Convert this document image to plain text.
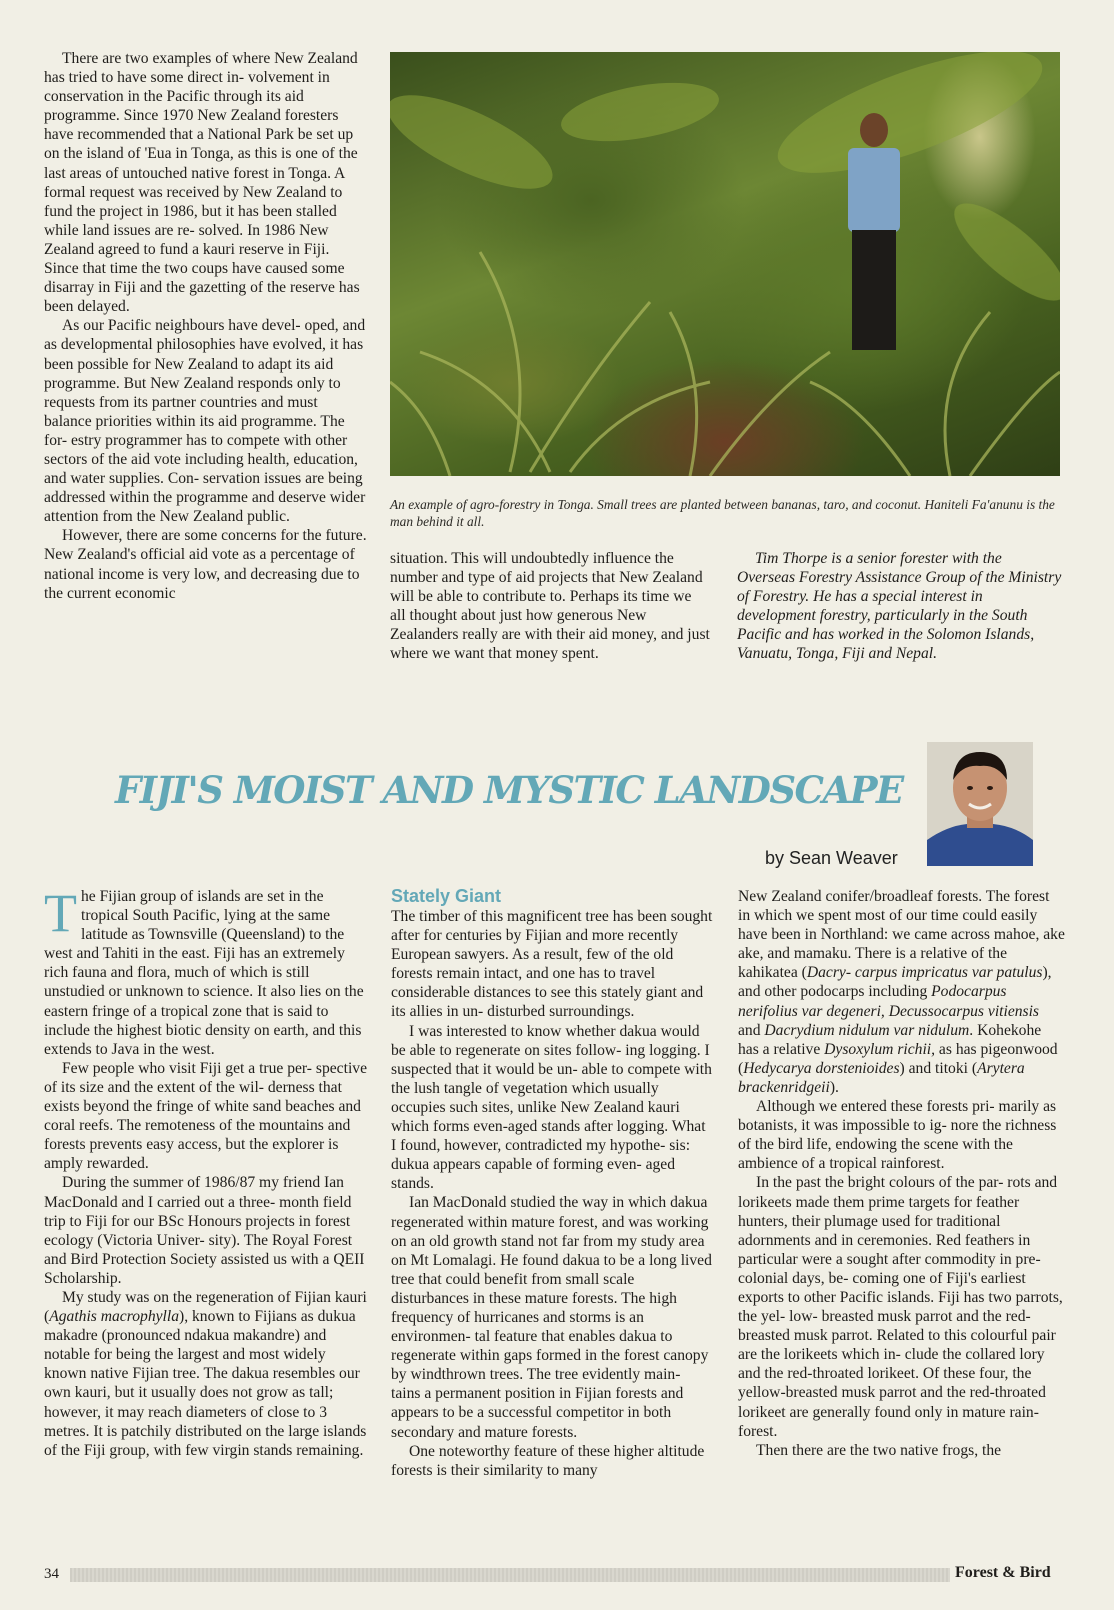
There are two examples of where New Zealand has tried to have some direct in- volvement in conservation in the Pacific through its aid programme. Since 1970 New Zealand foresters have recommended that a National Park be set up on the island of 'Eua in Tonga, as this is one of the last areas of untouched native forest in Tonga. A formal request was received by New Zealand to fund the project in 1986, but it has been stalled while land issues are re- solved. In 1986 New Zealand agreed to fund a kauri reserve in Fiji. Since that time the two coups have caused some disarray in Fiji and the gazetting of the reserve has been delayed.

As our Pacific neighbours have devel- oped, and as developmental philosophies have evolved, it has been possible for New Zealand to adapt its aid programme. But New Zealand responds only to requests from its partner countries and must balance priorities within its aid programme. The for- estry programmer has to compete with other sectors of the aid vote including health, education, and water supplies. Con- servation issues are being addressed within the programme and deserve wider attention from the New Zealand public.

However, there are some concerns for the future. New Zealand's official aid vote as a percentage of national income is very low, and decreasing due to the current economic

An example of agro-forestry in Tonga. Small trees are planted between bananas, taro, and coconut. Haniteli Fa'anunu is the man behind it all.

situation. This will undoubtedly influence the number and type of aid projects that New Zealand will be able to contribute to. Perhaps its time we all thought about just how generous New Zealanders really are with their aid money, and just where we want that money spent.

Tim Thorpe is a senior forester with the Overseas Forestry Assistance Group of the Ministry of Forestry. He has a special interest in development forestry, particularly in the South Pacific and has worked in the Solomon Islands, Vanuatu, Tonga, Fiji and Nepal.

FIJI'S MOIST AND MYSTIC LANDSCAPE
by Sean Weaver

The Fijian group of islands are set in the tropical South Pacific, lying at the same latitude as Townsville (Queensland) to the west and Tahiti in the east. Fiji has an extremely rich fauna and flora, much of which is still unstudied or unknown to science. It also lies on the eastern fringe of a tropical zone that is said to include the highest biotic density on earth, and this extends to Java in the west.

Few people who visit Fiji get a true per- spective of its size and the extent of the wil- derness that exists beyond the fringe of white sand beaches and coral reefs. The remoteness of the mountains and forests prevents easy access, but the explorer is amply rewarded.

During the summer of 1986/87 my friend Ian MacDonald and I carried out a three- month field trip to Fiji for our BSc Honours projects in forest ecology (Victoria Univer- sity). The Royal Forest and Bird Protection Society assisted us with a QEII Scholarship.

My study was on the regeneration of Fijian kauri (Agathis macrophylla), known to Fijians as dukua makadre (pronounced ndakua makandre) and notable for being the largest and most widely known native Fijian tree. The dakua resembles our own kauri, but it usually does not grow as tall; however, it may reach diameters of close to 3 metres. It is patchily distributed on the large islands of the Fiji group, with few virgin stands remaining.

Stately Giant

The timber of this magnificent tree has been sought after for centuries by Fijian and more recently European sawyers. As a result, few of the old forests remain intact, and one has to travel considerable distances to see this stately giant and its allies in un- disturbed surroundings.

I was interested to know whether dakua would be able to regenerate on sites follow- ing logging. I suspected that it would be un- able to compete with the lush tangle of vegetation which usually occupies such sites, unlike New Zealand kauri which forms even-aged stands after logging. What I found, however, contradicted my hypothe- sis: dukua appears capable of forming even- aged stands.

Ian MacDonald studied the way in which dakua regenerated within mature forest, and was working on an old growth stand not far from my study area on Mt Lomalagi. He found dakua to be a long lived tree that could benefit from small scale disturbances in these mature forests. The high frequency of hurricanes and storms is an environmen- tal feature that enables dakua to regenerate within gaps formed in the forest canopy by windthrown trees. The tree evidently main- tains a permanent position in Fijian forests and appears to be a successful competitor in both secondary and mature forests.

One noteworthy feature of these higher altitude forests is their similarity to many

New Zealand conifer/broadleaf forests. The forest in which we spent most of our time could easily have been in Northland: we came across mahoe, ake ake, and mamaku. There is a relative of the kahikatea (Dacry- carpus impricatus var patulus), and other podocarps including Podocarpus nerifolius var degeneri, Decussocarpus vitiensis and Dacrydium nidulum var nidulum. Kohekohe has a relative Dysoxylum richii, as has pigeonwood (Hedycarya dorstenioides) and titoki (Arytera brackenridgeii).

Although we entered these forests pri- marily as botanists, it was impossible to ig- nore the richness of the bird life, endowing the scene with the ambience of a tropical rainforest.

In the past the bright colours of the par- rots and lorikeets made them prime targets for feather hunters, their plumage used for traditional adornments and in ceremonies. Red feathers in particular were a sought after commodity in pre-colonial days, be- coming one of Fiji's earliest exports to other Pacific islands. Fiji has two parrots, the yel- low- breasted musk parrot and the red- breasted musk parrot. Related to this colourful pair are the lorikeets which in- clude the collared lory and the red-throated lorikeet. Of these four, the yellow-breasted musk parrot and the red-throated lorikeet are generally found only in mature rain- forest.

Then there are the two native frogs, the

34	Forest & Bird
